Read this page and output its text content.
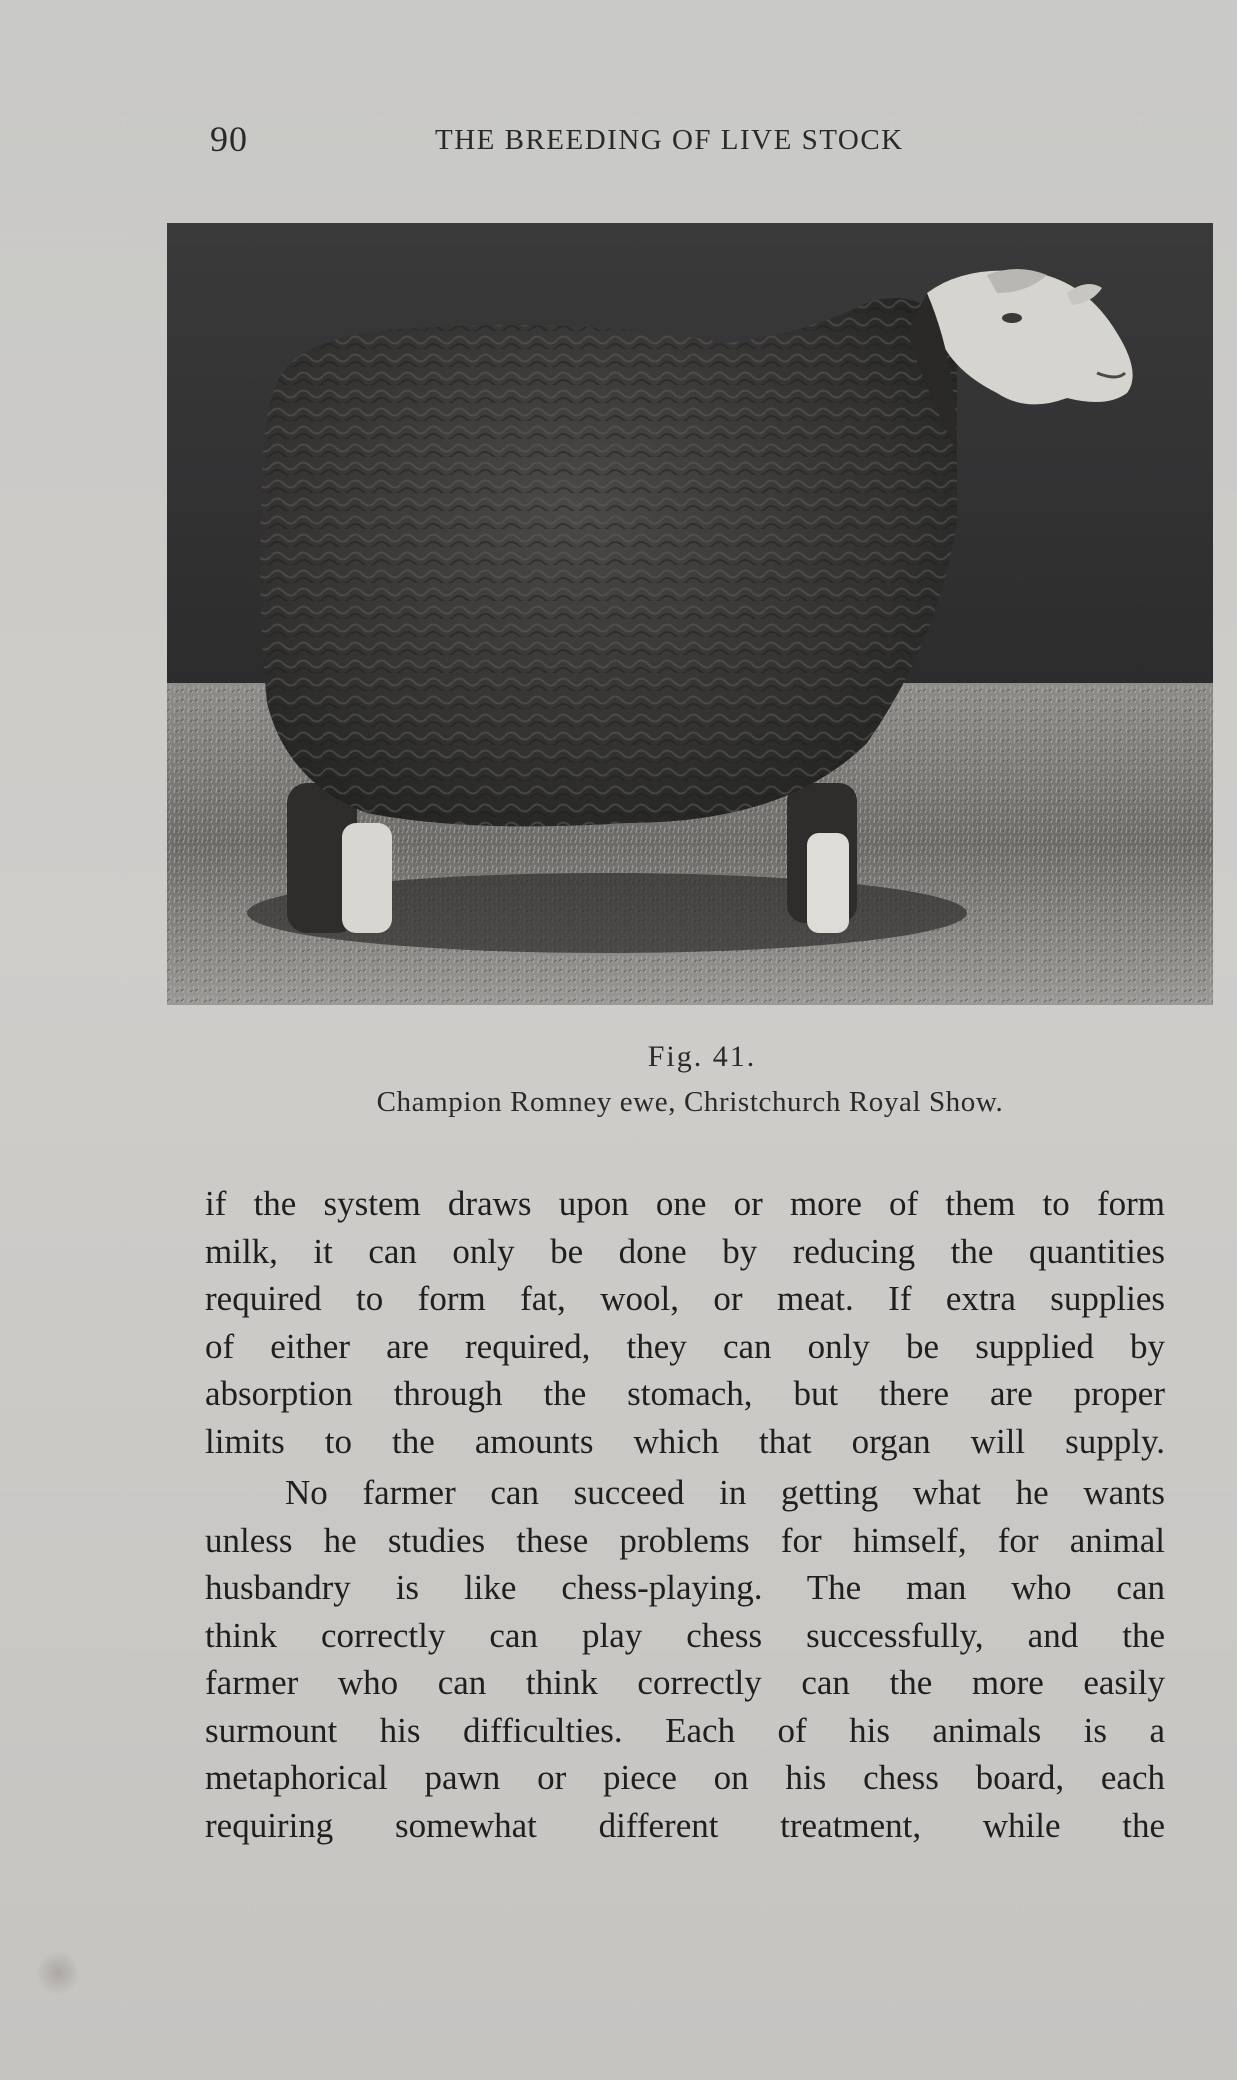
90	THE BREEDING OF LIVE STOCK
Fig. 41.
Champion Romney ewe, Christchurch Royal Show.

if the system draws upon one or more of them to form
milk, it can only be done by reducing the quantities
required to form fat, wool, or meat. If extra supplies
of either are required, they can only be supplied by
absorption through the stomach, but there are proper
limits to the amounts which that organ will supply.

No farmer can succeed in getting what he wants
unless he studies these problems for himself, for animal
husbandry is like chess-playing. The man who can
think correctly can play chess successfully, and the
farmer who can think correctly can the more easily
surmount his difficulties. Each of his animals is a
metaphorical pawn or piece on his chess board, each
requiring somewhat different treatment, while the
